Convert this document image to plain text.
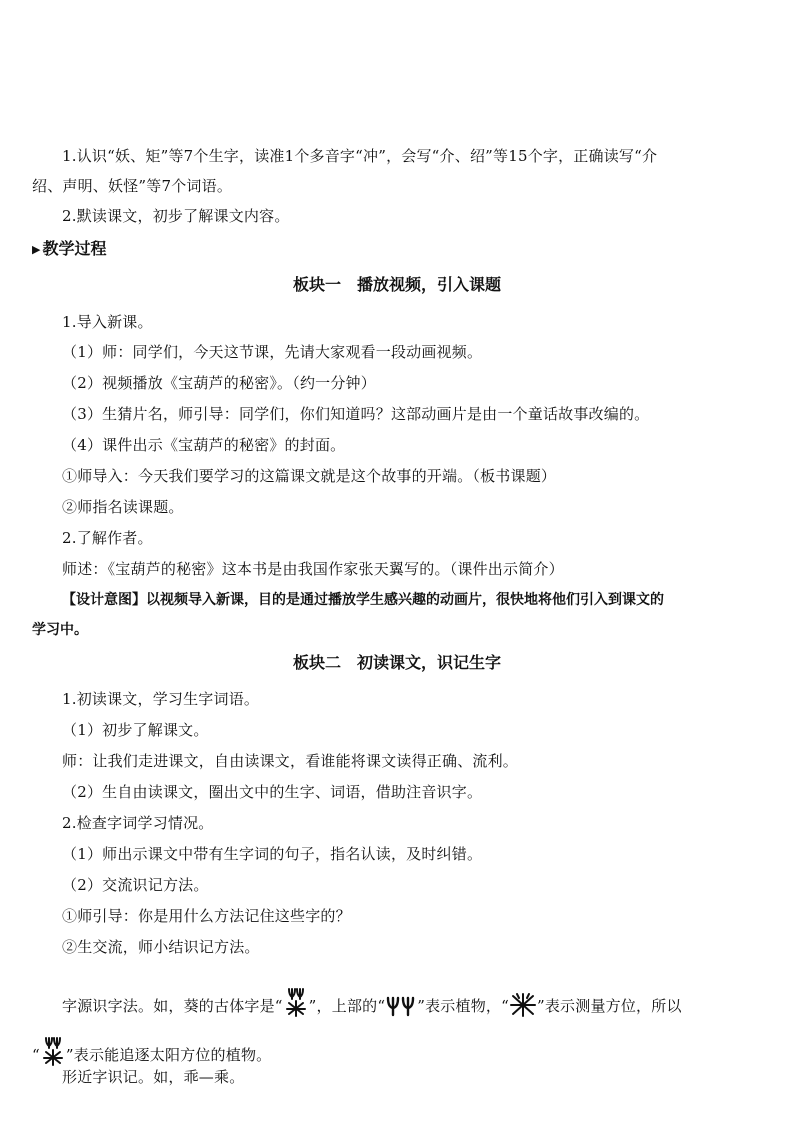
1.认识“妖、矩”等7个生字，读准1个多音字“冲”，会写“介、绍”等15个字，正确读写“介
绍、声明、妖怪”等7个词语。
2.默读课文，初步了解课文内容。
▶ 教学过程
板块一　播放视频，引入课题
1.导入新课。
（1）师：同学们，今天这节课，先请大家观看一段动画视频。
（2）视频播放《宝葫芦的秘密》。（约一分钟）
（3）生猜片名，师引导：同学们，你们知道吗？这部动画片是由一个童话故事改编的。
（4）课件出示《宝葫芦的秘密》的封面。
①师导入：今天我们要学习的这篇课文就是这个故事的开端。（板书课题）
②师指名读课题。
2.了解作者。
师述：《宝葫芦的秘密》这本书是由我国作家张天翼写的。（课件出示简介）
【设计意图】以视频导入新课，目的是通过播放学生感兴趣的动画片，很快地将他们引入到课文的
学习中。
板块二　初读课文，识记生字
1.初读课文，学习生字词语。
（1）初步了解课文。
师：让我们走进课文，自由读课文，看谁能将课文读得正确、流利。
（2）生自由读课文，圈出文中的生字、词语，借助注音识字。
2.检查字词学习情况。
（1）师出示课文中带有生字词的句子，指名认读，及时纠错。
（2）交流识记方法。
①师引导：你是用什么方法记住这些字的？
②生交流，师小结识记方法。
字源识字法。如，葵的古体字是“ ”，上部的“ ”表示植物，“ ”表示测量方位，所以
“ ”表示能追逐太阳方位的植物。
形近字识记。如，乖—乘。
